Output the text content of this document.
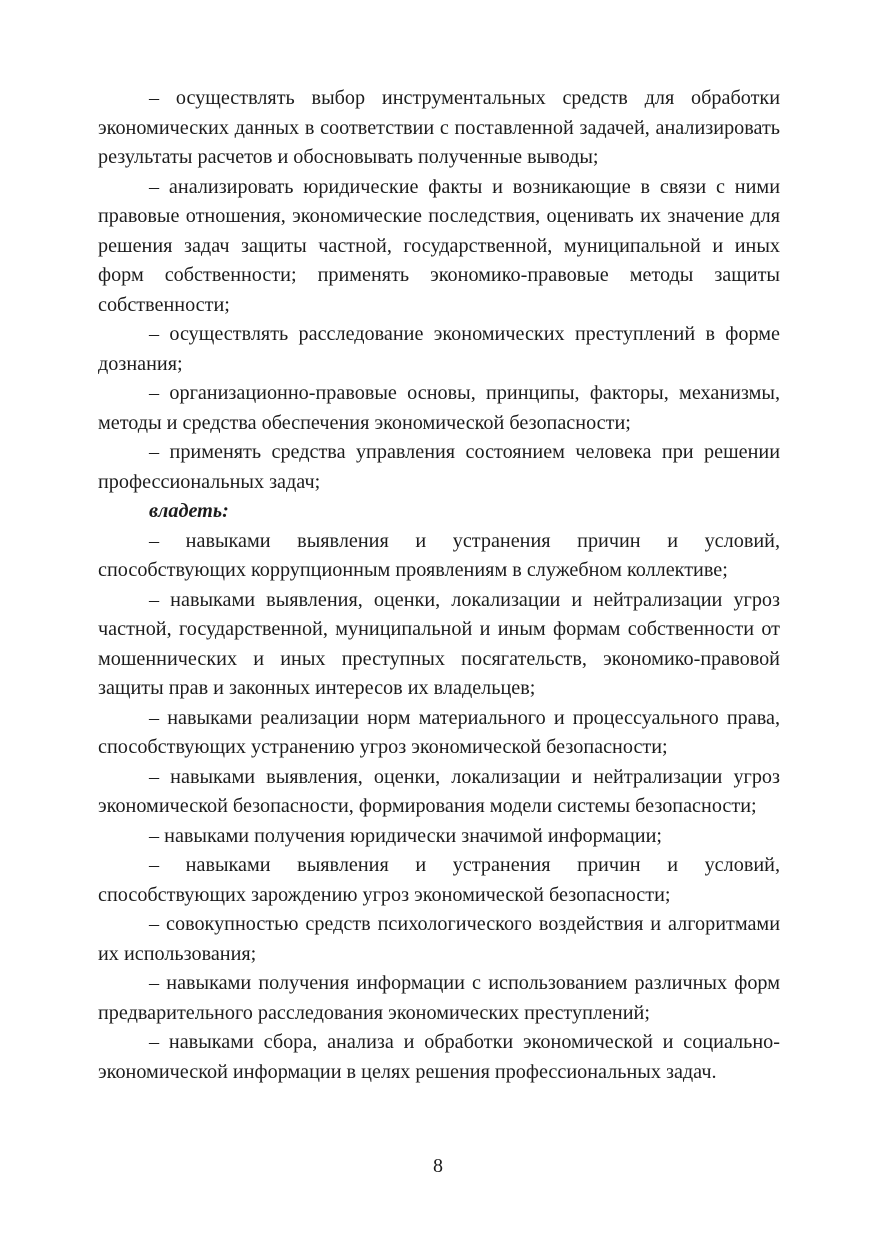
– осуществлять выбор инструментальных средств для обработки экономических данных в соответствии с поставленной задачей, анализировать результаты расчетов и обосновывать полученные выводы;

– анализировать юридические факты и возникающие в связи с ними правовые отношения, экономические последствия, оценивать их значение для решения задач защиты частной, государственной, муниципальной и иных форм собственности; применять экономико-правовые методы защиты собственности;

– осуществлять расследование экономических преступлений в форме дознания;

– организационно-правовые основы, принципы, факторы, механизмы, методы и средства обеспечения экономической безопасности;

– применять средства управления состоянием человека при решении профессиональных задач;

владеть:

– навыками выявления и устранения причин и условий, способствующих коррупционным проявлениям в служебном коллективе;

– навыками выявления, оценки, локализации и нейтрализации угроз частной, государственной, муниципальной и иным формам собственности от мошеннических и иных преступных посягательств, экономико-правовой защиты прав и законных интересов их владельцев;

– навыками реализации норм материального и процессуального права, способствующих устранению угроз экономической безопасности;

– навыками выявления, оценки, локализации и нейтрализации угроз экономической безопасности, формирования модели системы безопасности;

– навыками получения юридически значимой информации;

– навыками выявления и устранения причин и условий, способствующих зарождению угроз экономической безопасности;

– совокупностью средств психологического воздействия и алгоритмами их использования;

– навыками получения информации с использованием различных форм предварительного расследования экономических преступлений;

– навыками сбора, анализа и обработки экономической и социально-экономической информации в целях решения профессиональных задач.

8
